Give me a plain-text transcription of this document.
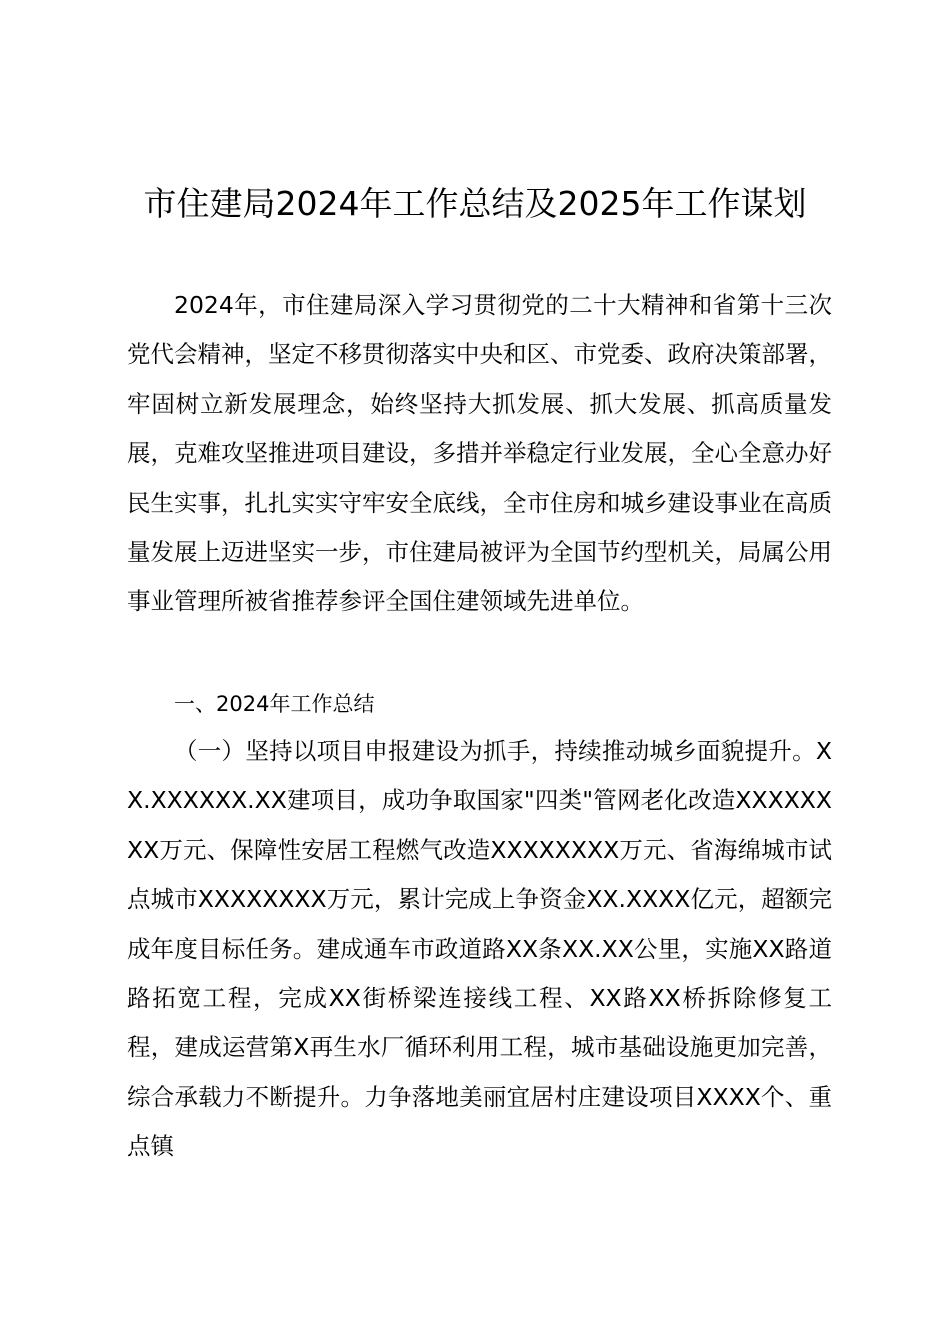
市住建局2024年工作总结及2025年工作谋划

2024年，市住建局深入学习贯彻党的二十大精神和省第十三次党代会精神，坚定不移贯彻落实中央和区、市党委、政府决策部署，牢固树立新发展理念，始终坚持大抓发展、抓大发展、抓高质量发展，克难攻坚推进项目建设，多措并举稳定行业发展，全心全意办好民生实事，扎扎实实守牢安全底线，全市住房和城乡建设事业在高质量发展上迈进坚实一步，市住建局被评为全国节约型机关，局属公用事业管理所被省推荐参评全国住建领域先进单位。

一、2024年工作总结

（一）坚持以项目申报建设为抓手，持续推动城乡面貌提升。XX.XXXXXX.XX建项目，成功争取国家"四类"管网老化改造XXXXXXXX万元、保障性安居工程燃气改造XXXXXXXX万元、省海绵城市试点城市XXXXXXXX万元，累计完成上争资金XX.XXXX亿元，超额完成年度目标任务。建成通车市政道路XX条XX.XX公里，实施XX路道路拓宽工程，完成XX街桥梁连接线工程、XX路XX桥拆除修复工程，建成运营第X再生水厂循环利用工程，城市基础设施更加完善，综合承载力不断提升。力争落地美丽宜居村庄建设项目XXXX个、重点镇
